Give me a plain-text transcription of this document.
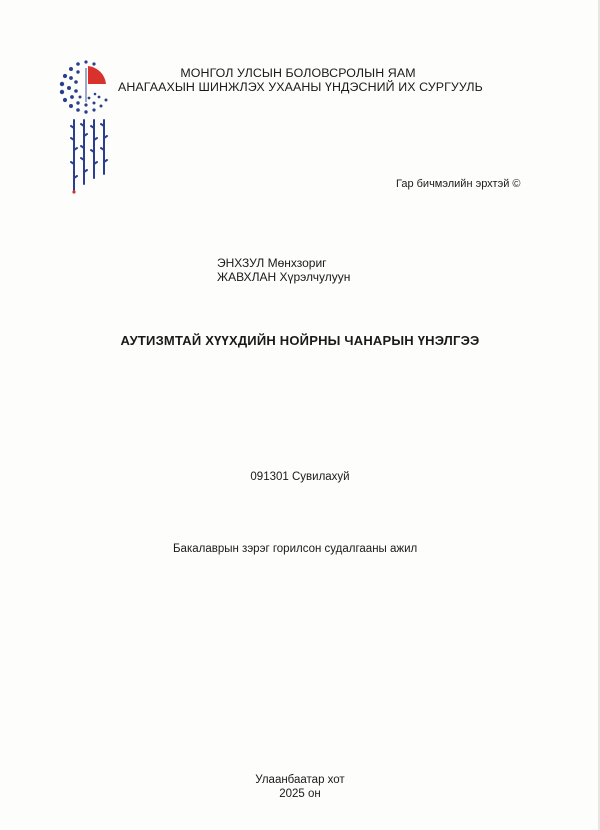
МОНГОЛ УЛСЫН БОЛОВСРОЛЫН ЯАМ
АНАГААХЫН ШИНЖЛЭХ УХААНЫ ҮНДЭСНИЙ ИХ СУРГУУЛЬ
Гар бичмэлийн эрхтэй ©
ЭНХЗУЛ Мөнхзориг
ЖАВХЛАН Хүрэлчулуун
АУТИЗМТАЙ ХҮҮХДИЙН НОЙРНЫ ЧАНАРЫН ҮНЭЛГЭЭ
091301 Сувилахуй
Бакалаврын зэрэг горилсон судалгааны ажил
Улаанбаатар хот
2025 он
